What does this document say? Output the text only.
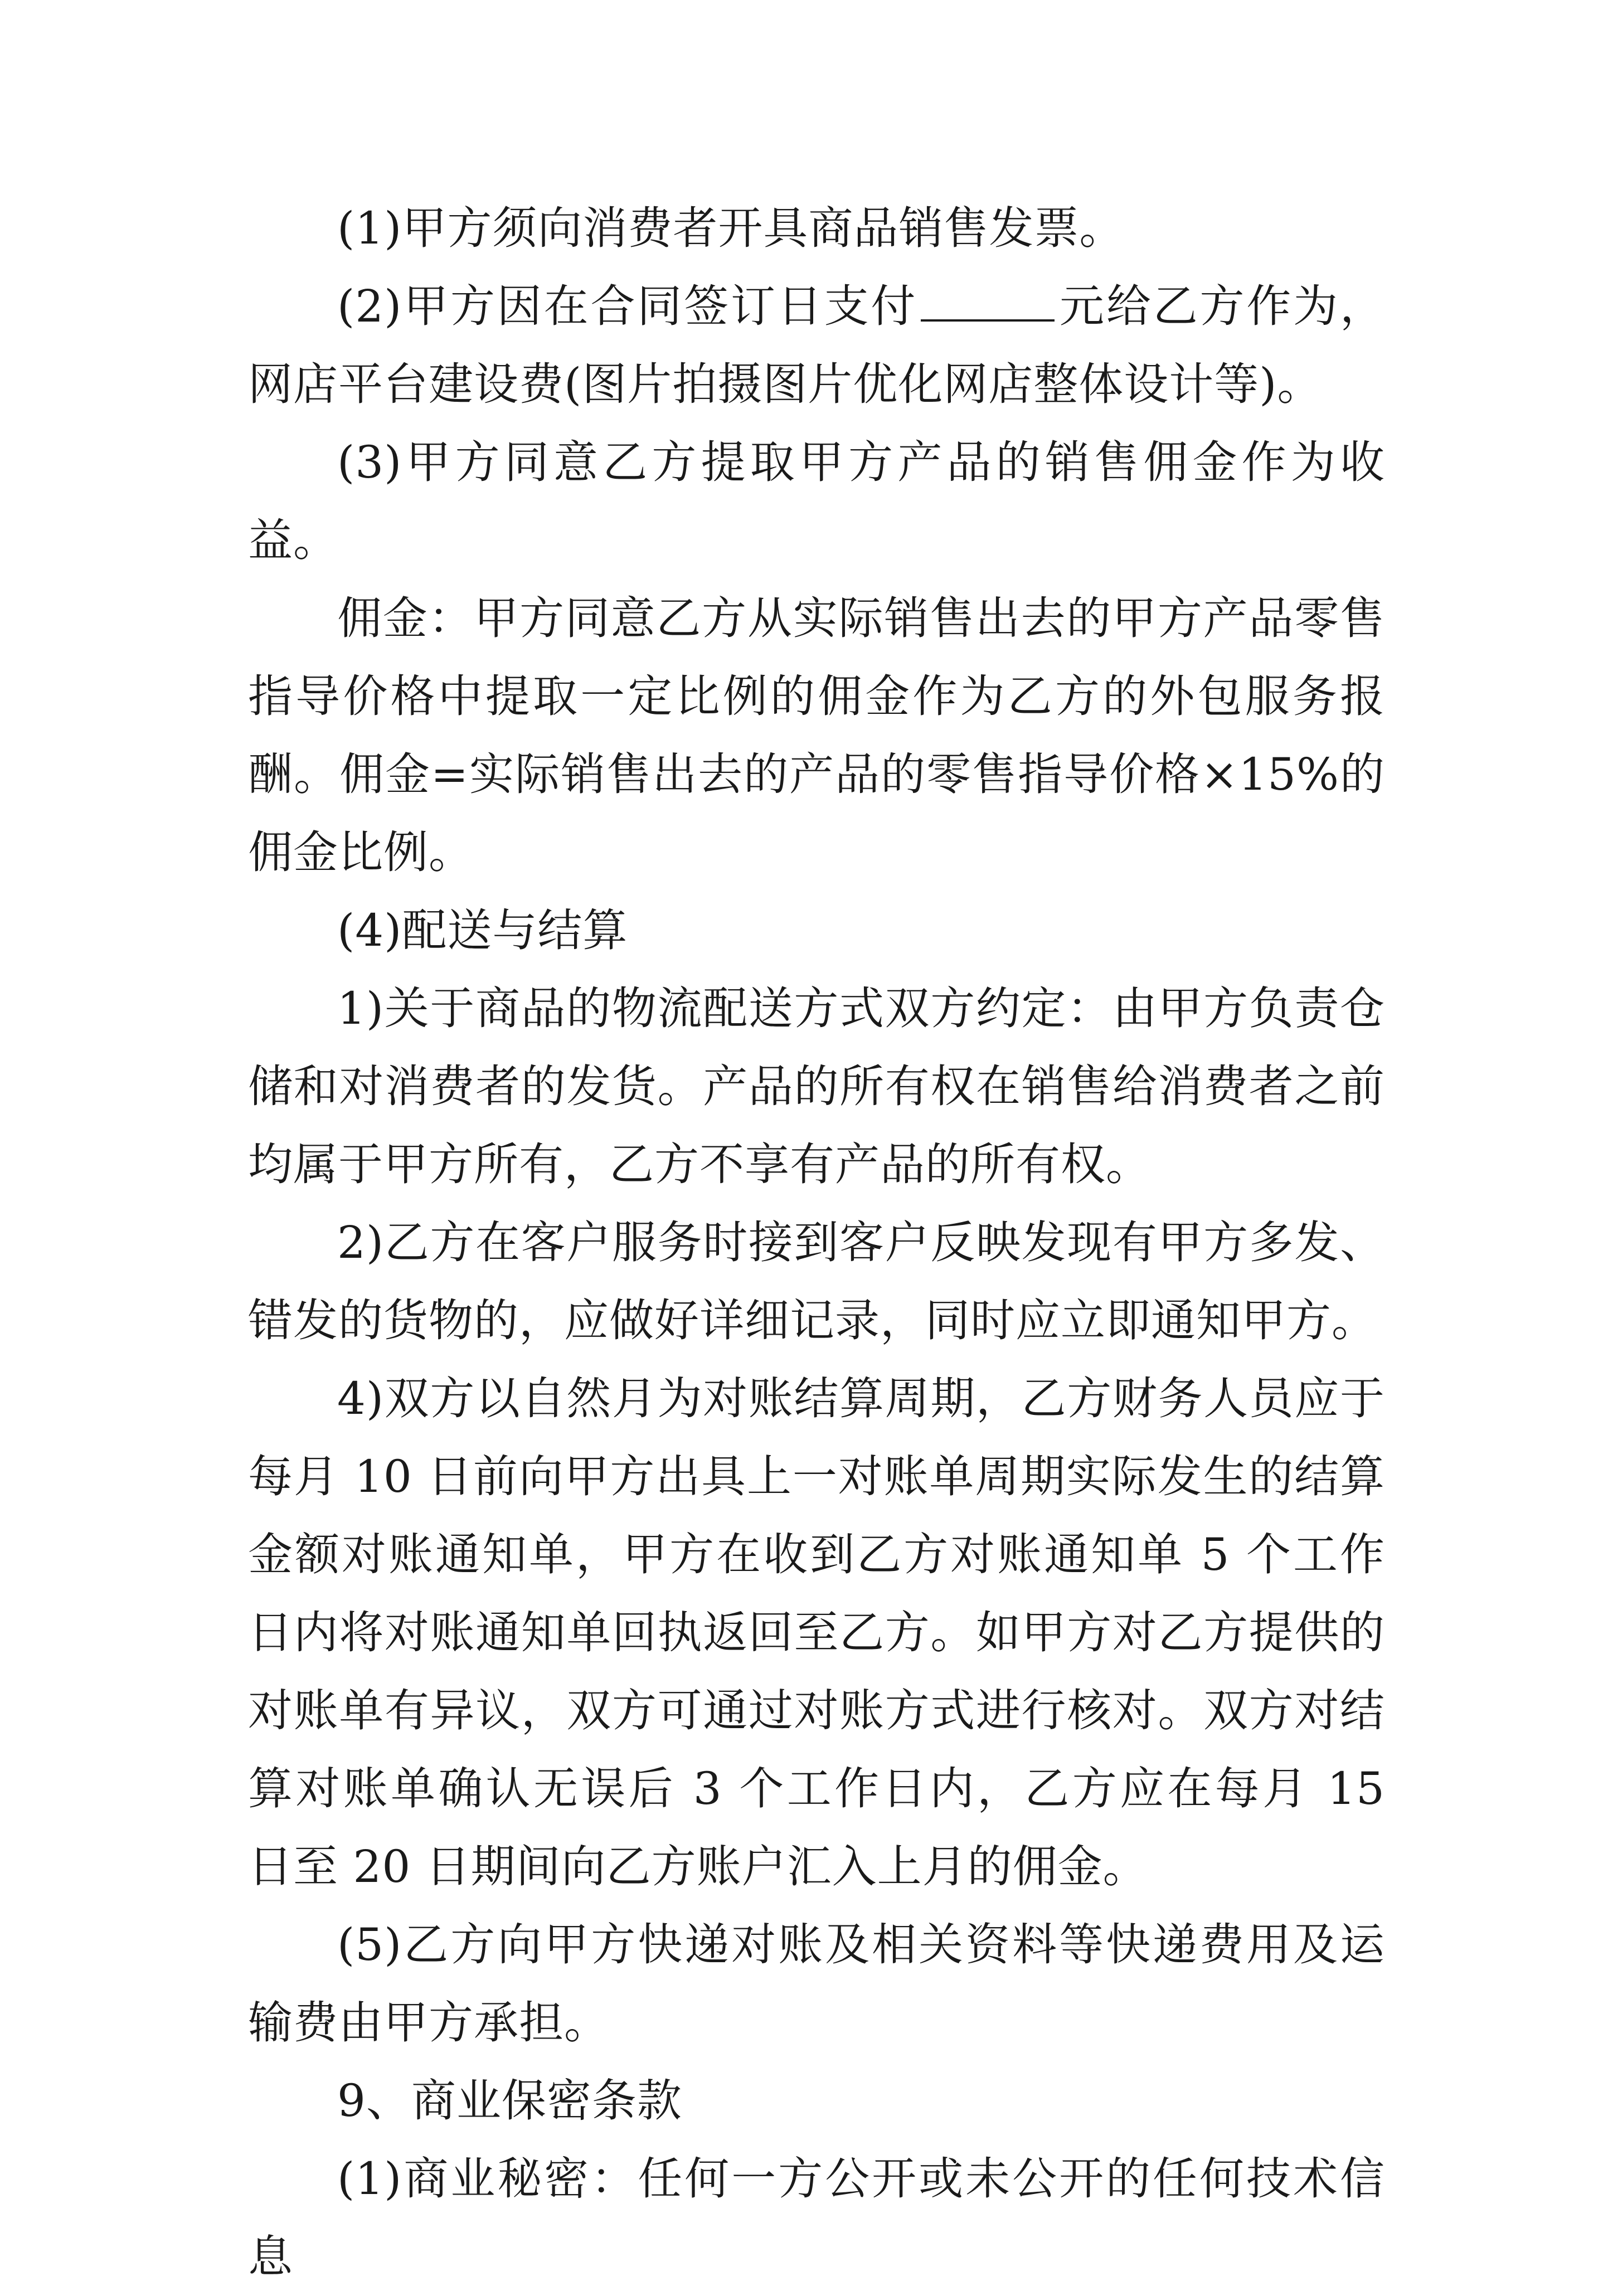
(1)甲方须向消费者开具商品销售发票。

(2)甲方因在合同签订日支付	元给乙方作为，网店平台建设费(图片拍摄图片优化网店整体设计等)。

(3)甲方同意乙方提取甲方产品的销售佣金作为收益。

佣金：甲方同意乙方从实际销售出去的甲方产品零售指导价格中提取一定比例的佣金作为乙方的外包服务报酬。佣金=实际销售出去的产品的零售指导价格×15%的佣金比例。

(4)配送与结算

1)关于商品的物流配送方式双方约定：由甲方负责仓储和对消费者的发货。产品的所有权在销售给消费者之前均属于甲方所有，乙方不享有产品的所有权。

2)乙方在客户服务时接到客户反映发现有甲方多发、错发的货物的，应做好详细记录，同时应立即通知甲方。

4)双方以自然月为对账结算周期，乙方财务人员应于每月 10 日前向甲方出具上一对账单周期实际发生的结算金额对账通知单，甲方在收到乙方对账通知单 5 个工作日内将对账通知单回执返回至乙方。如甲方对乙方提供的对账单有异议，双方可通过对账方式进行核对。双方对结算对账单确认无误后 3 个工作日内，乙方应在每月 15 日至 20 日期间向乙方账户汇入上月的佣金。

(5)乙方向甲方快递对账及相关资料等快递费用及运输费由甲方承担。

9、商业保密条款

(1)商业秘密：任何一方公开或未公开的任何技术信息
